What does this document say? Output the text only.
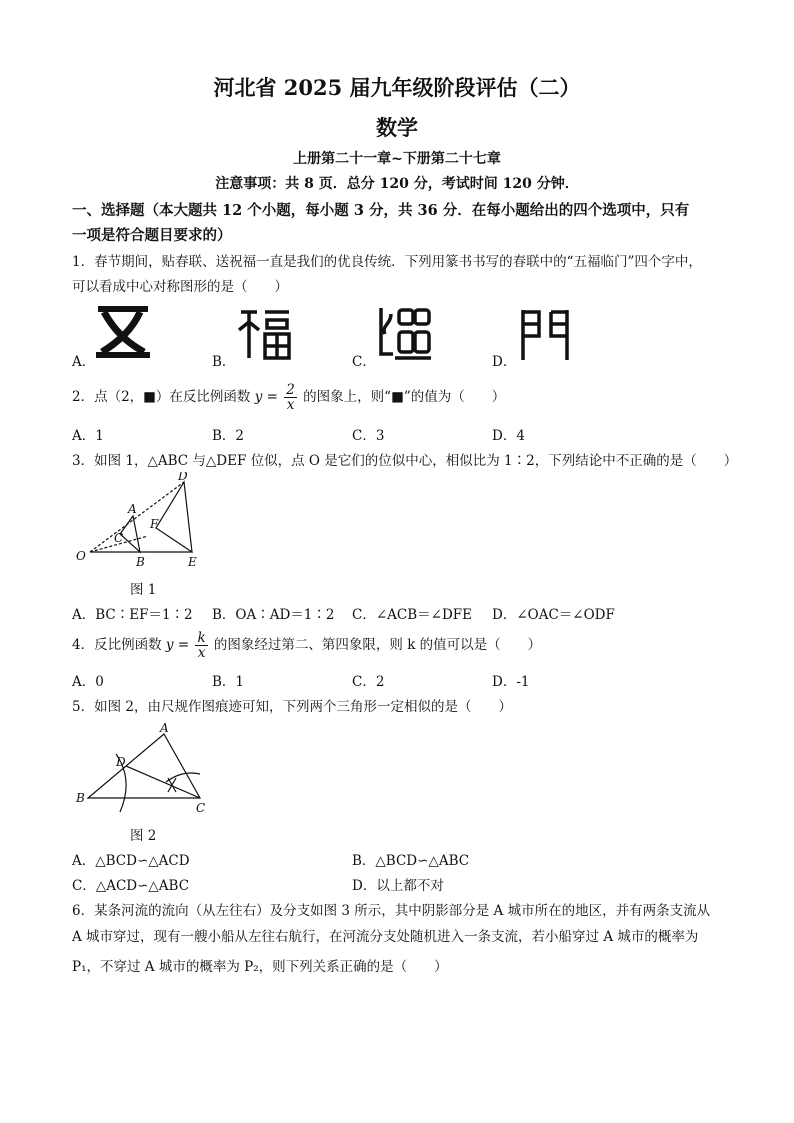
河北省 2025 届九年级阶段评估（二）
数学
上册第二十一章~下册第二十七章
注意事项：共 8 页．总分 120 分，考试时间 120 分钟．
一、选择题（本大题共 12 个小题，每小题 3 分，共 36 分．在每小题给出的四个选项中，只有
一项是符合题目要求的）
1．春节期间，贴春联、送祝福一直是我们的优良传统．下列用篆书书写的春联中的“五福临门”四个字中，
可以看成中心对称图形的是（　　）
A．	B．	C．	D．
2．点（2，■）在反比例函数 $y = \frac{2}{x}$ 的图象上，则“■”的值为（　　）
A．1	B．2	C．3	D．4
3．如图 1，△ABC 与△DEF 位似，点 O 是它们的位似中心，相似比为 1∶2，下列结论中不正确的是（　　）
O
A
B
C
D
E
F
图 1
A．BC∶EF＝1∶2 B．OA∶AD＝1∶2 C．∠ACB＝∠DFE D．∠OAC＝∠ODF
4．反比例函数 $y = \frac{k}{x}$ 的图象经过第二、第四象限，则 k 的值可以是（　　）
A．0	B．1	C．2	D．-1
5．如图 2，由尺规作图痕迹可知，下列两个三角形一定相似的是（　　）
A
B
C
D
图 2
A．△BCD∽△ACD	B．△BCD∽△ABC
C．△ACD∽△ABC	D．以上都不对
6．某条河流的流向（从左往右）及分支如图 3 所示，其中阴影部分是 A 城市所在的地区，并有两条支流从
A 城市穿过，现有一艘小船从左往右航行，在河流分支处随机进入一条支流，若小船穿过 A 城市的概率为
P₁，不穿过 A 城市的概率为 P₂，则下列关系正确的是（　　）
